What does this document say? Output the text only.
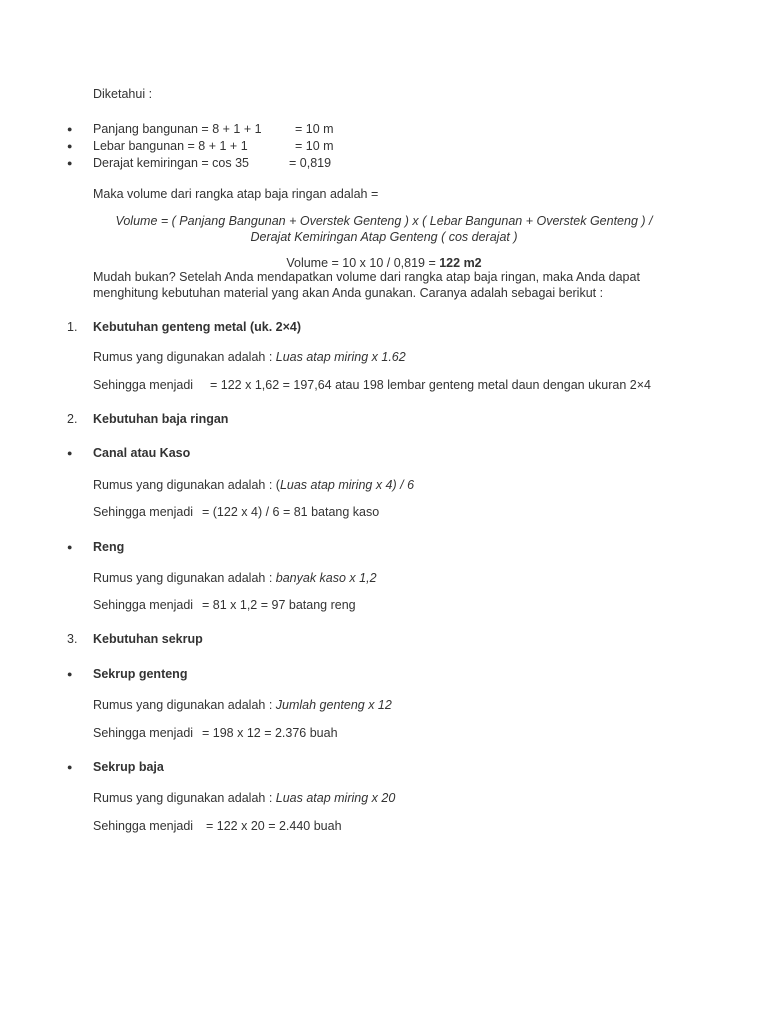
Diketahui :
● Panjang bangunan = 8 + 1 + 1	= 10 m
● Lebar bangunan = 8 + 1 + 1	= 10 m
● Derajat kemiringan = cos 35	= 0,819
Maka volume dari rangka atap baja ringan adalah =
Volume = ( Panjang Bangunan + Overstek Genteng ) x ( Lebar Bangunan + Overstek Genteng ) /
Derajat Kemiringan Atap Genteng ( cos derajat )
Volume = 10 x 10 / 0,819 = 122 m2
Mudah bukan? Setelah Anda mendapatkan volume dari rangka atap baja ringan, maka Anda dapat
menghitung kebutuhan material yang akan Anda gunakan. Caranya adalah sebagai berikut :
1. Kebutuhan genteng metal (uk. 2×4)
Rumus yang digunakan adalah : Luas atap miring x 1.62
Sehingga menjadi = 122 x 1,62 = 197,64 atau 198 lembar genteng metal daun dengan ukuran 2×4
2. Kebutuhan baja ringan
● Canal atau Kaso
Rumus yang digunakan adalah : (Luas atap miring x 4) / 6
Sehingga menjadi = (122 x 4) / 6 = 81 batang kaso
● Reng
Rumus yang digunakan adalah : banyak kaso x 1,2
Sehingga menjadi = 81 x 1,2 = 97 batang reng
3. Kebutuhan sekrup
● Sekrup genteng
Rumus yang digunakan adalah : Jumlah genteng x 12
Sehingga menjadi = 198 x 12 = 2.376 buah
● Sekrup baja
Rumus yang digunakan adalah : Luas atap miring x 20
Sehingga menjadi = 122 x 20 = 2.440 buah
